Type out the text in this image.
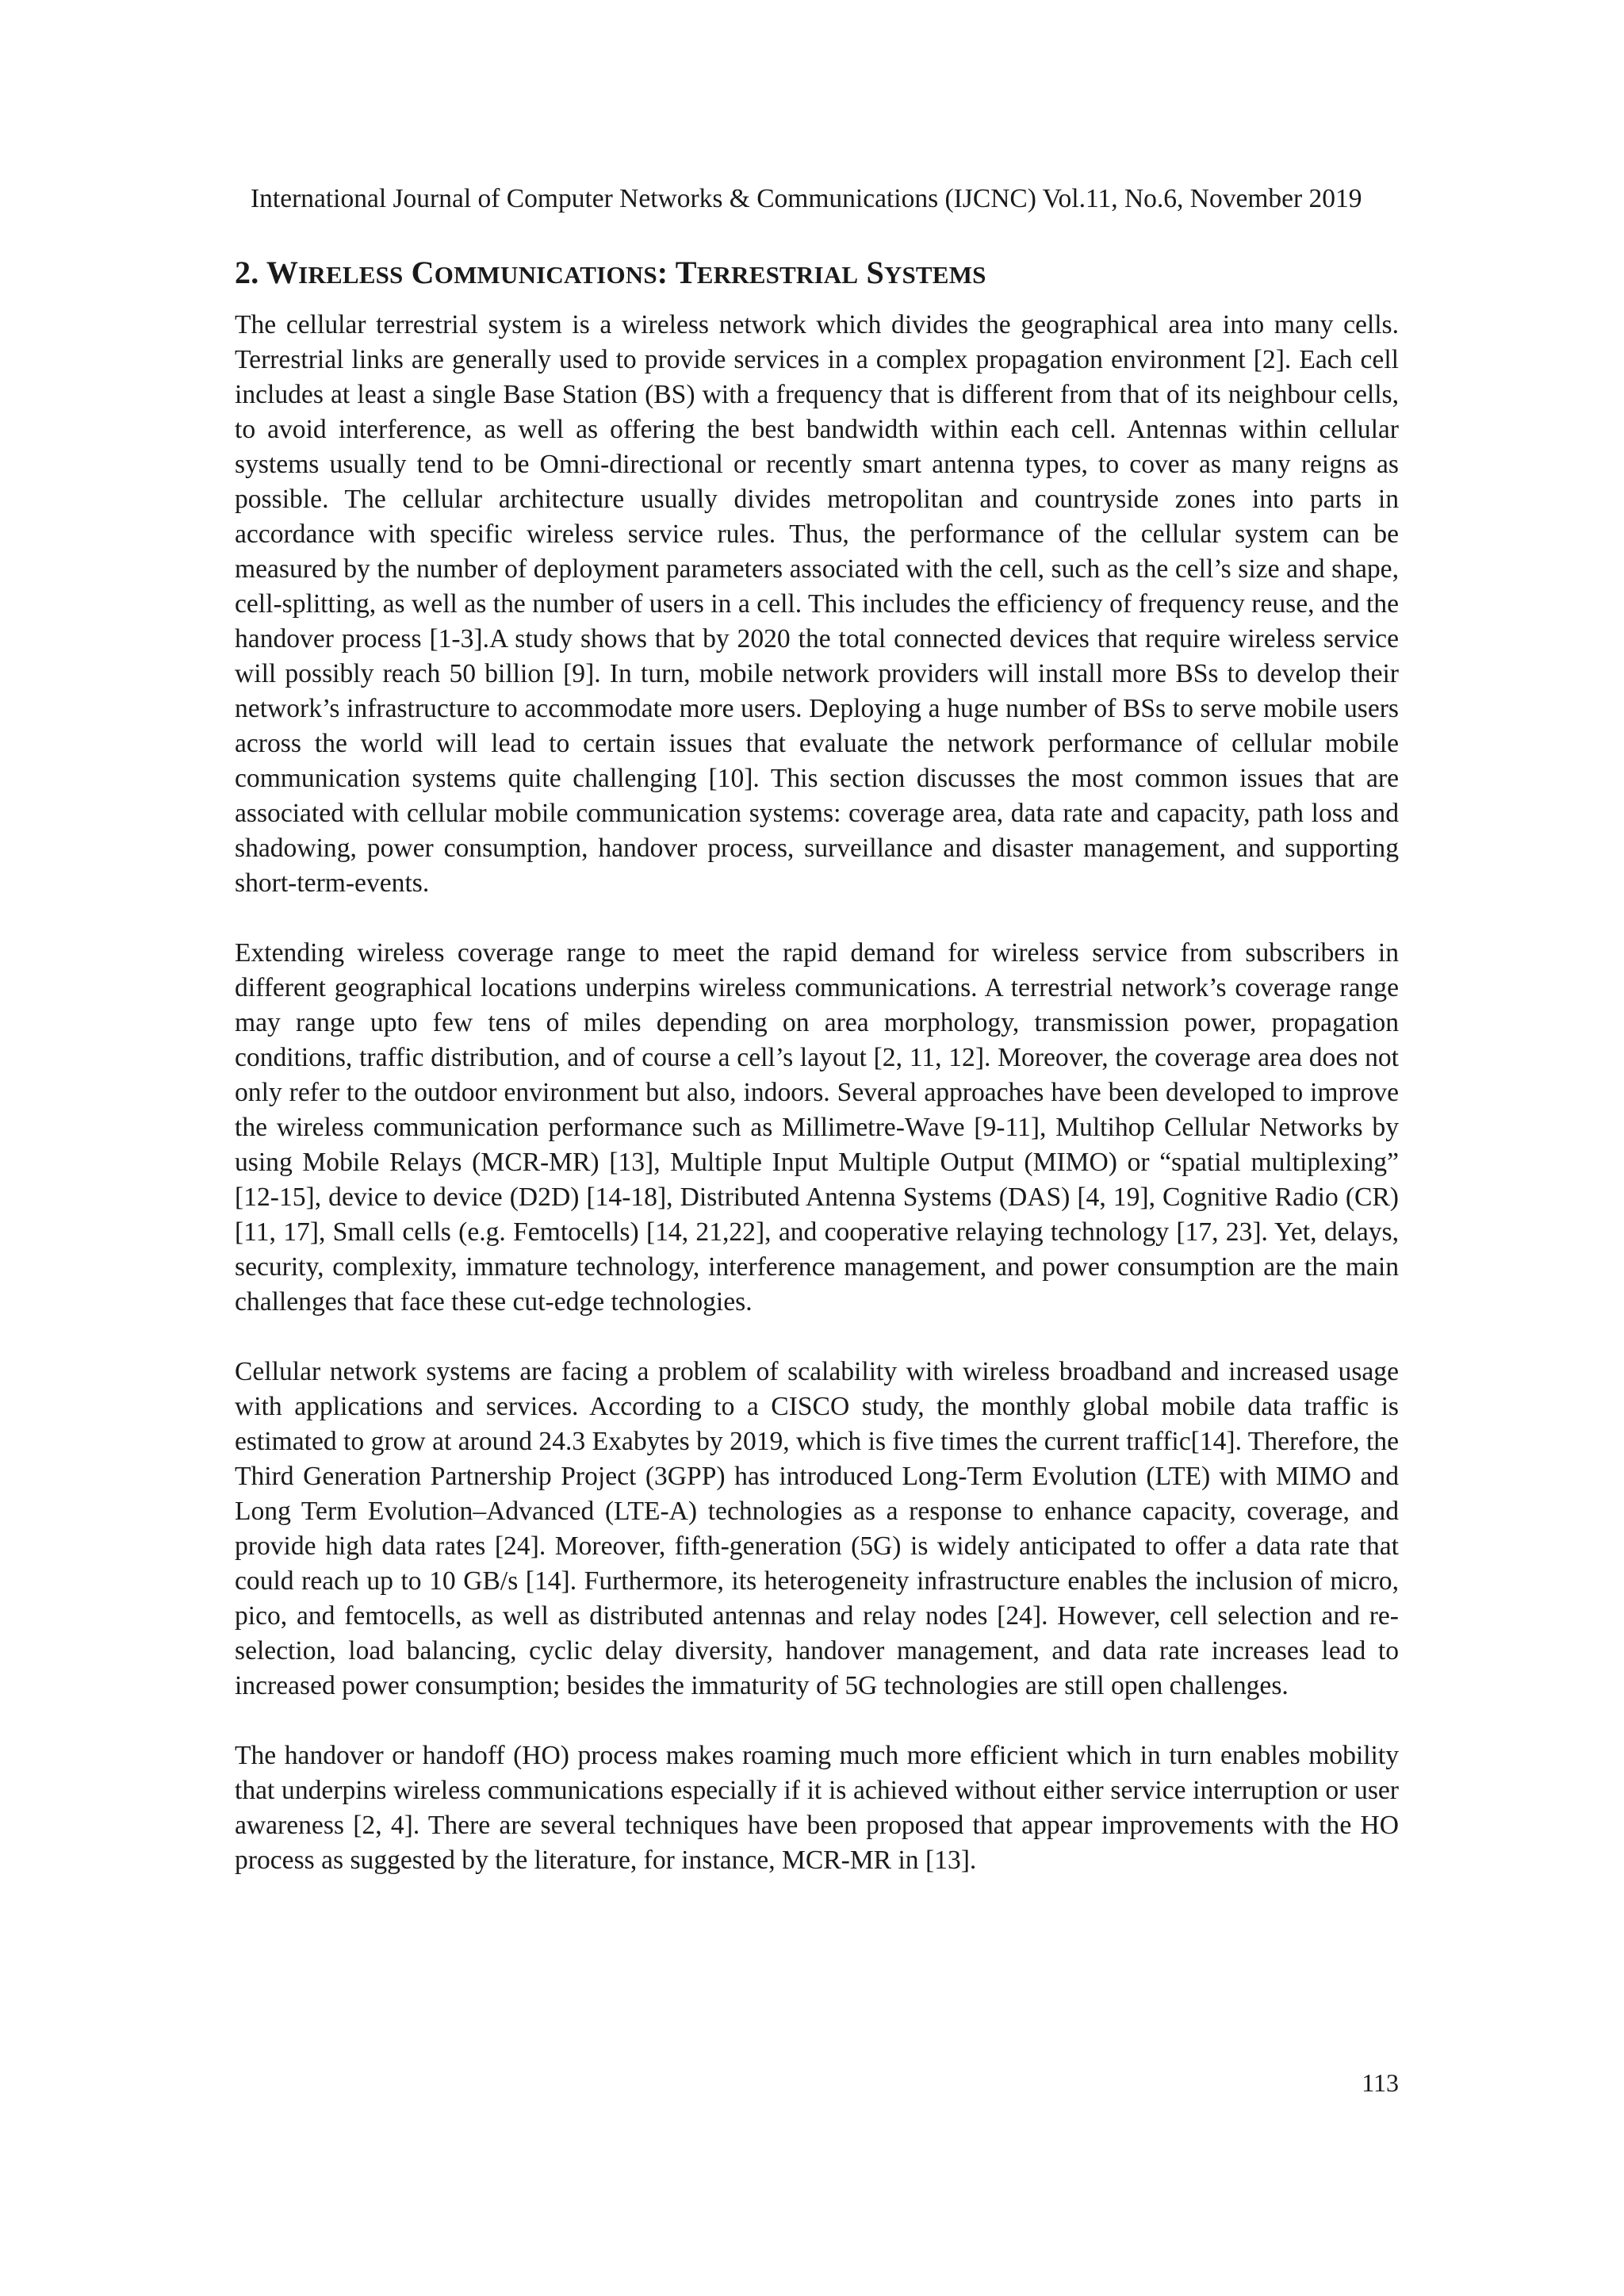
International Journal of Computer Networks & Communications (IJCNC) Vol.11, No.6, November 2019
2. WIRELESS COMMUNICATIONS: TERRESTRIAL SYSTEMS

The cellular terrestrial system is a wireless network which divides the geographical area into many cells. Terrestrial links are generally used to provide services in a complex propagation environment [2]. Each cell includes at least a single Base Station (BS) with a frequency that is different from that of its neighbour cells, to avoid interference, as well as offering the best bandwidth within each cell. Antennas within cellular systems usually tend to be Omni-directional or recently smart antenna types, to cover as many reigns as possible. The cellular architecture usually divides metropolitan and countryside zones into parts in accordance with specific wireless service rules. Thus, the performance of the cellular system can be measured by the number of deployment parameters associated with the cell, such as the cell’s size and shape, cell-splitting, as well as the number of users in a cell. This includes the efficiency of frequency reuse, and the handover process [1-3].A study shows that by 2020 the total connected devices that require wireless service will possibly reach 50 billion [9]. In turn, mobile network providers will install more BSs to develop their network’s infrastructure to accommodate more users. Deploying a huge number of BSs to serve mobile users across the world will lead to certain issues that evaluate the network performance of cellular mobile communication systems quite challenging [10]. This section discusses the most common issues that are associated with cellular mobile communication systems: coverage area, data rate and capacity, path loss and shadowing, power consumption, handover process, surveillance and disaster management, and supporting short-term-events.

Extending wireless coverage range to meet the rapid demand for wireless service from subscribers in different geographical locations underpins wireless communications. A terrestrial network’s coverage range may range upto few tens of miles depending on area morphology, transmission power, propagation conditions, traffic distribution, and of course a cell’s layout [2, 11, 12]. Moreover, the coverage area does not only refer to the outdoor environment but also, indoors. Several approaches have been developed to improve the wireless communication performance such as Millimetre-Wave [9-11], Multihop Cellular Networks by using Mobile Relays (MCR-MR) [13], Multiple Input Multiple Output (MIMO) or “spatial multiplexing” [12-15], device to device (D2D) [14-18], Distributed Antenna Systems (DAS) [4, 19], Cognitive Radio (CR) [11, 17], Small cells (e.g. Femtocells) [14, 21,22], and cooperative relaying technology [17, 23]. Yet, delays, security, complexity, immature technology, interference management, and power consumption are the main challenges that face these cut-edge technologies.

Cellular network systems are facing a problem of scalability with wireless broadband and increased usage with applications and services. According to a CISCO study, the monthly global mobile data traffic is estimated to grow at around 24.3 Exabytes by 2019, which is five times the current traffic[14]. Therefore, the Third Generation Partnership Project (3GPP) has introduced Long-Term Evolution (LTE) with MIMO and Long Term Evolution–Advanced (LTE-A) technologies as a response to enhance capacity, coverage, and provide high data rates [24]. Moreover, fifth-generation (5G) is widely anticipated to offer a data rate that could reach up to 10 GB/s [14]. Furthermore, its heterogeneity infrastructure enables the inclusion of micro, pico, and femtocells, as well as distributed antennas and relay nodes [24]. However, cell selection and re-selection, load balancing, cyclic delay diversity, handover management, and data rate increases lead to increased power consumption; besides the immaturity of 5G technologies are still open challenges.

The handover or handoff (HO) process makes roaming much more efficient which in turn enables mobility that underpins wireless communications especially if it is achieved without either service interruption or user awareness [2, 4]. There are several techniques have been proposed that appear improvements with the HO process as suggested by the literature, for instance, MCR-MR in [13].

113
